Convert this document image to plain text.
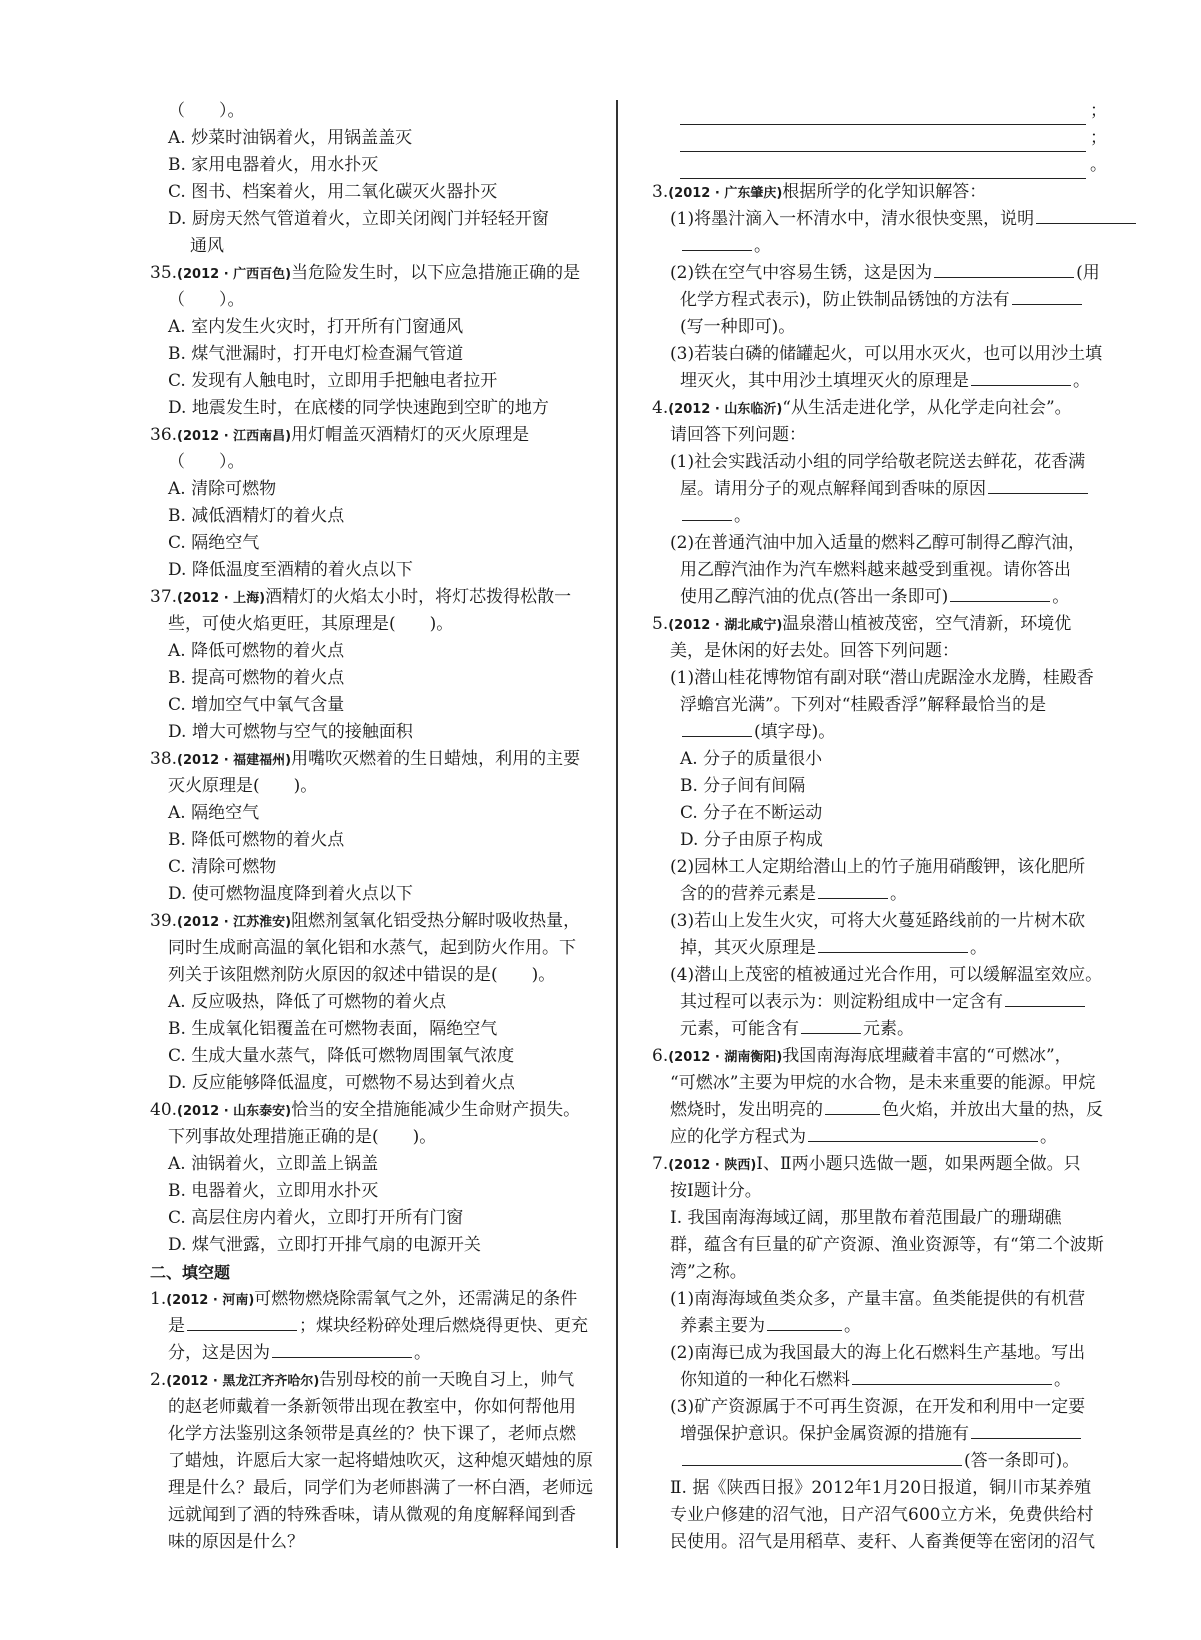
（　　）。
A. 炒菜时油锅着火，用锅盖盖灭
B. 家用电器着火，用水扑灭
C. 图书、档案着火，用二氧化碳灭火器扑灭
D. 厨房天然气管道着火，立即关闭阀门并轻轻开窗
通风
35.(2012 · 广西百色)当危险发生时，以下应急措施正确的是
（　　）。
A. 室内发生火灾时，打开所有门窗通风
B. 煤气泄漏时，打开电灯检查漏气管道
C. 发现有人触电时，立即用手把触电者拉开
D. 地震发生时，在底楼的同学快速跑到空旷的地方
36.(2012 · 江西南昌)用灯帽盖灭酒精灯的灭火原理是
（　　）。
A. 清除可燃物
B. 减低酒精灯的着火点
C. 隔绝空气
D. 降低温度至酒精的着火点以下
37.(2012 · 上海)酒精灯的火焰太小时，将灯芯拨得松散一
些，可使火焰更旺，其原理是(　　)。
A. 降低可燃物的着火点
B. 提高可燃物的着火点
C. 增加空气中氧气含量
D. 增大可燃物与空气的接触面积
38.(2012 · 福建福州)用嘴吹灭燃着的生日蜡烛，利用的主要
灭火原理是(　　)。
A. 隔绝空气
B. 降低可燃物的着火点
C. 清除可燃物
D. 使可燃物温度降到着火点以下
39.(2012 · 江苏淮安)阻燃剂氢氧化铝受热分解时吸收热量，
同时生成耐高温的氧化铝和水蒸气，起到防火作用。下
列关于该阻燃剂防火原因的叙述中错误的是(　　)。
A. 反应吸热，降低了可燃物的着火点
B. 生成氧化铝覆盖在可燃物表面，隔绝空气
C. 生成大量水蒸气，降低可燃物周围氧气浓度
D. 反应能够降低温度，可燃物不易达到着火点
40.(2012 · 山东泰安)恰当的安全措施能减少生命财产损失。
下列事故处理措施正确的是(　　)。
A. 油锅着火，立即盖上锅盖
B. 电器着火，立即用水扑灭
C. 高层住房内着火，立即打开所有门窗
D. 煤气泄露，立即打开排气扇的电源开关
二、填空题
1.(2012 · 河南)可燃物燃烧除需氧气之外，还需满足的条件
是	；煤块经粉碎处理后燃烧得更快、更充
分，这是因为	。
2.(2012 · 黑龙江齐齐哈尔)告别母校的前一天晚自习上，帅气
的赵老师戴着一条新领带出现在教室中，你如何帮他用
化学方法鉴别这条领带是真丝的？快下课了，老师点燃
了蜡烛，许愿后大家一起将蜡烛吹灭，这种熄灭蜡烛的原
理是什么？最后，同学们为老师斟满了一杯白酒，老师远
远就闻到了酒的特殊香味，请从微观的角度解释闻到香
味的原因是什么？
；
；
。
3.(2012 · 广东肇庆)根据所学的化学知识解答：
(1)将墨汁滴入一杯清水中，清水很快变黑，说明
。
(2)铁在空气中容易生锈，这是因为	(用
化学方程式表示)，防止铁制品锈蚀的方法有
(写一种即可)。
(3)若装白磷的储罐起火，可以用水灭火，也可以用沙土填
埋灭火，其中用沙土填埋灭火的原理是	。
4.(2012 · 山东临沂)“从生活走进化学，从化学走向社会”。
请回答下列问题：
(1)社会实践活动小组的同学给敬老院送去鲜花，花香满
屋。请用分子的观点解释闻到香味的原因
。
(2)在普通汽油中加入适量的燃料乙醇可制得乙醇汽油，
用乙醇汽油作为汽车燃料越来越受到重视。请你答出
使用乙醇汽油的优点(答出一条即可)	。
5.(2012 · 湖北咸宁)温泉潜山植被茂密，空气清新，环境优
美，是休闲的好去处。回答下列问题：
(1)潜山桂花博物馆有副对联“潜山虎踞淦水龙腾，桂殿香
浮蟾宫光满”。下列对“桂殿香浮”解释最恰当的是
(填字母)。
A. 分子的质量很小
B. 分子间有间隔
C. 分子在不断运动
D. 分子由原子构成
(2)园林工人定期给潜山上的竹子施用硝酸钾，该化肥所
含的的营养元素是	。
(3)若山上发生火灾，可将大火蔓延路线前的一片树木砍
掉，其灭火原理是	。
(4)潜山上茂密的植被通过光合作用，可以缓解温室效应。
其过程可以表示为：则淀粉组成中一定含有
元素，可能含有	元素。
6.(2012 · 湖南衡阳)我国南海海底埋藏着丰富的“可燃冰”，
“可燃冰”主要为甲烷的水合物，是未来重要的能源。甲烷
燃烧时，发出明亮的	色火焰，并放出大量的热，反
应的化学方程式为	。
7.(2012 · 陕西)Ⅰ、Ⅱ两小题只选做一题，如果两题全做。只
按Ⅰ题计分。
Ⅰ. 我国南海海域辽阔，那里散布着范围最广的珊瑚礁
群，蕴含有巨量的矿产资源、渔业资源等，有“第二个波斯
湾”之称。
(1)南海海域鱼类众多，产量丰富。鱼类能提供的有机营
养素主要为	。
(2)南海已成为我国最大的海上化石燃料生产基地。写出
你知道的一种化石燃料	。
(3)矿产资源属于不可再生资源，在开发和利用中一定要
增强保护意识。保护金属资源的措施有
(答一条即可)。
Ⅱ. 据《陕西日报》2012年1月20日报道，铜川市某养殖
专业户修建的沼气池，日产沼气600立方米，免费供给村
民使用。沼气是用稻草、麦秆、人畜粪便等在密闭的沼气
